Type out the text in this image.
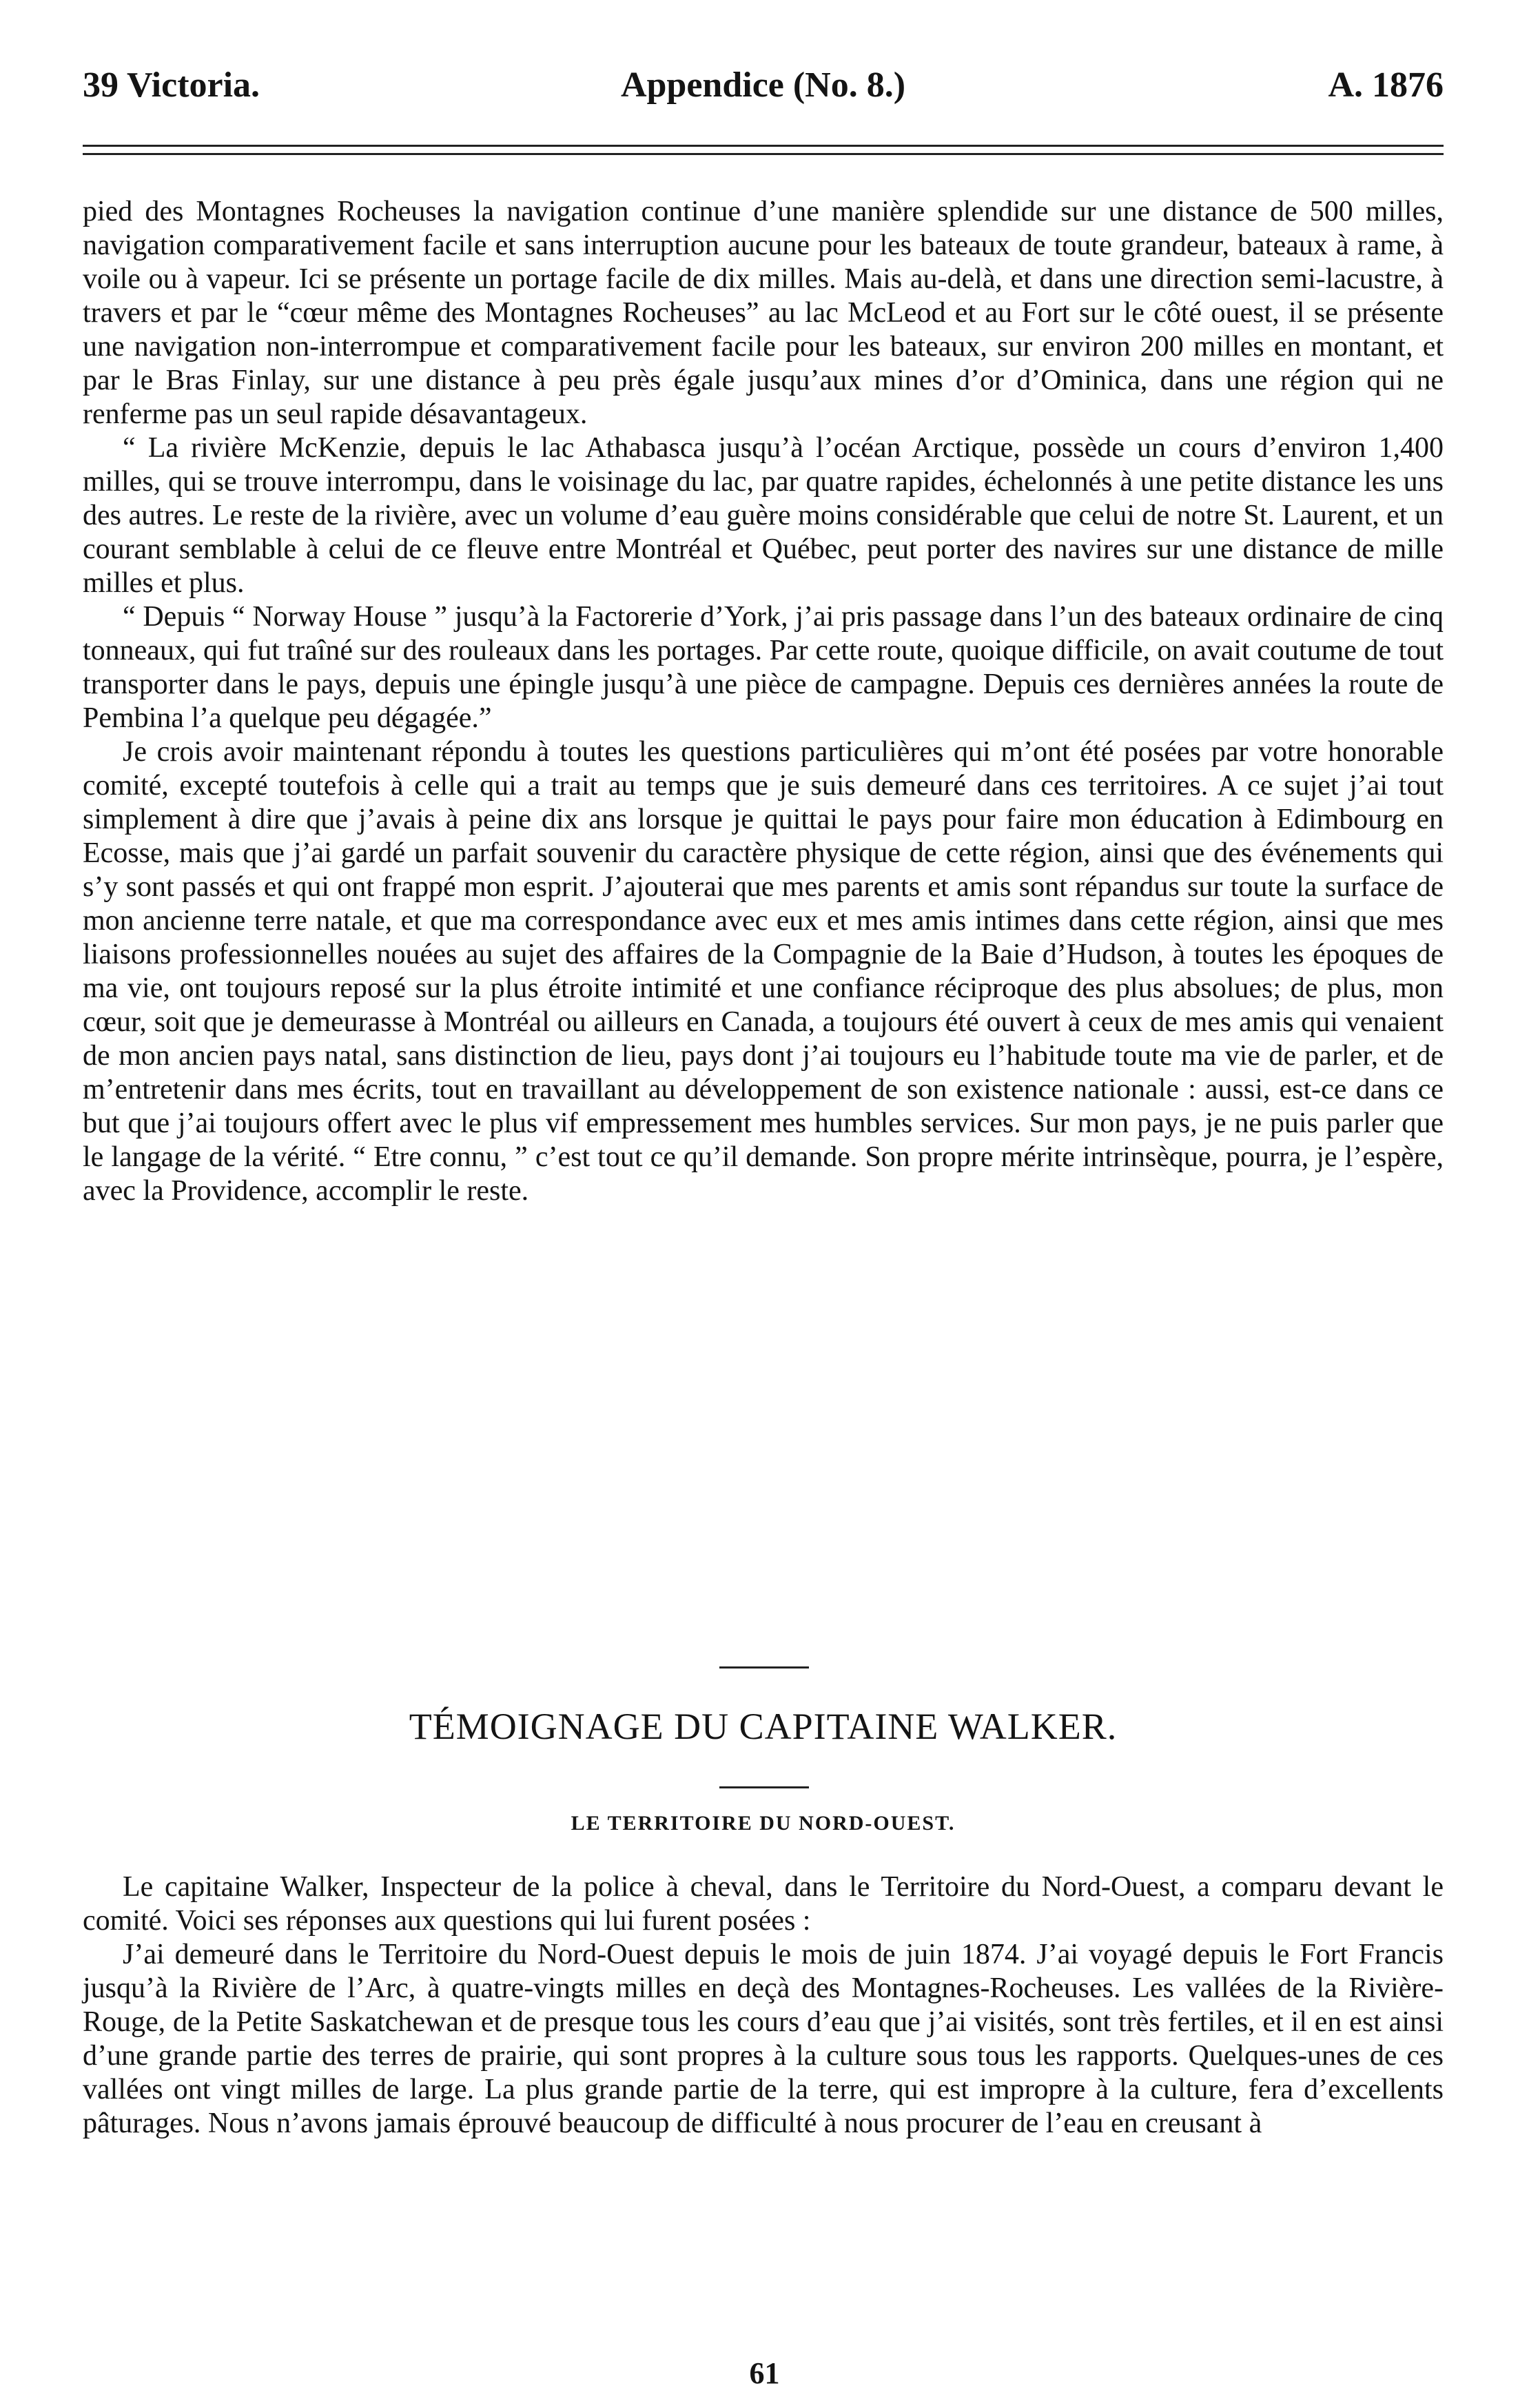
39 Victoria.	Appendice (No. 8.)	A. 1876

pied des Montagnes Rocheuses la navigation continue d’une manière splendide sur une distance de 500 milles, navigation comparativement facile et sans interruption aucune pour les bateaux de toute grandeur, bateaux à rame, à voile ou à vapeur. Ici se présente un portage facile de dix milles. Mais au-delà, et dans une direction semi-lacustre, à travers et par le “cœur même des Montagnes Rocheuses” au lac McLeod et au Fort sur le côté ouest, il se présente une navigation non-interrompue et comparativement facile pour les bateaux, sur environ 200 milles en montant, et par le Bras Finlay, sur une distance à peu près égale jusqu’aux mines d’or d’Ominica, dans une région qui ne renferme pas un seul rapide désavantageux.

“ La rivière McKenzie, depuis le lac Athabasca jusqu’à l’océan Arctique, possède un cours d’environ 1,400 milles, qui se trouve interrompu, dans le voisinage du lac, par quatre rapides, échelonnés à une petite distance les uns des autres. Le reste de la rivière, avec un volume d’eau guère moins considérable que celui de notre St. Laurent, et un courant semblable à celui de ce fleuve entre Montréal et Québec, peut porter des navires sur une distance de mille milles et plus.

“ Depuis “ Norway House ” jusqu’à la Factorerie d’York, j’ai pris passage dans l’un des bateaux ordinaire de cinq tonneaux, qui fut traîné sur des rouleaux dans les portages. Par cette route, quoique difficile, on avait coutume de tout transporter dans le pays, depuis une épingle jusqu’à une pièce de campagne. Depuis ces dernières années la route de Pembina l’a quelque peu dégagée.”

Je crois avoir maintenant répondu à toutes les questions particulières qui m’ont été posées par votre honorable comité, excepté toutefois à celle qui a trait au temps que je suis demeuré dans ces territoires. A ce sujet j’ai tout simplement à dire que j’avais à peine dix ans lorsque je quittai le pays pour faire mon éducation à Edimbourg en Ecosse, mais que j’ai gardé un parfait souvenir du caractère physique de cette région, ainsi que des événements qui s’y sont passés et qui ont frappé mon esprit. J’ajouterai que mes parents et amis sont répandus sur toute la surface de mon ancienne terre natale, et que ma correspondance avec eux et mes amis intimes dans cette région, ainsi que mes liaisons professionnelles nouées au sujet des affaires de la Compagnie de la Baie d’Hudson, à toutes les époques de ma vie, ont toujours reposé sur la plus étroite intimité et une confiance réciproque des plus absolues; de plus, mon cœur, soit que je demeurasse à Montréal ou ailleurs en Canada, a toujours été ouvert à ceux de mes amis qui venaient de mon ancien pays natal, sans distinction de lieu, pays dont j’ai toujours eu l’habitude toute ma vie de parler, et de m’entretenir dans mes écrits, tout en travaillant au développement de son existence nationale : aussi, est-ce dans ce but que j’ai toujours offert avec le plus vif empressement mes humbles services. Sur mon pays, je ne puis parler que le langage de la vérité. “ Etre connu, ” c’est tout ce qu’il demande. Son propre mérite intrinsèque, pourra, je l’espère, avec la Providence, accomplir le reste.

TÉMOIGNAGE DU CAPITAINE WALKER.
LE TERRITOIRE DU NORD-OUEST.

Le capitaine Walker, Inspecteur de la police à cheval, dans le Territoire du Nord-Ouest, a comparu devant le comité. Voici ses réponses aux questions qui lui furent posées :

J’ai demeuré dans le Territoire du Nord-Ouest depuis le mois de juin 1874. J’ai voyagé depuis le Fort Francis jusqu’à la Rivière de l’Arc, à quatre-vingts milles en deçà des Montagnes-Rocheuses. Les vallées de la Rivière-Rouge, de la Petite Saskatchewan et de presque tous les cours d’eau que j’ai visités, sont très fertiles, et il en est ainsi d’une grande partie des terres de prairie, qui sont propres à la culture sous tous les rapports. Quelques-unes de ces vallées ont vingt milles de large. La plus grande partie de la terre, qui est impropre à la culture, fera d’excellents pâturages. Nous n’avons jamais éprouvé beaucoup de difficulté à nous procurer de l’eau en creusant à

61
